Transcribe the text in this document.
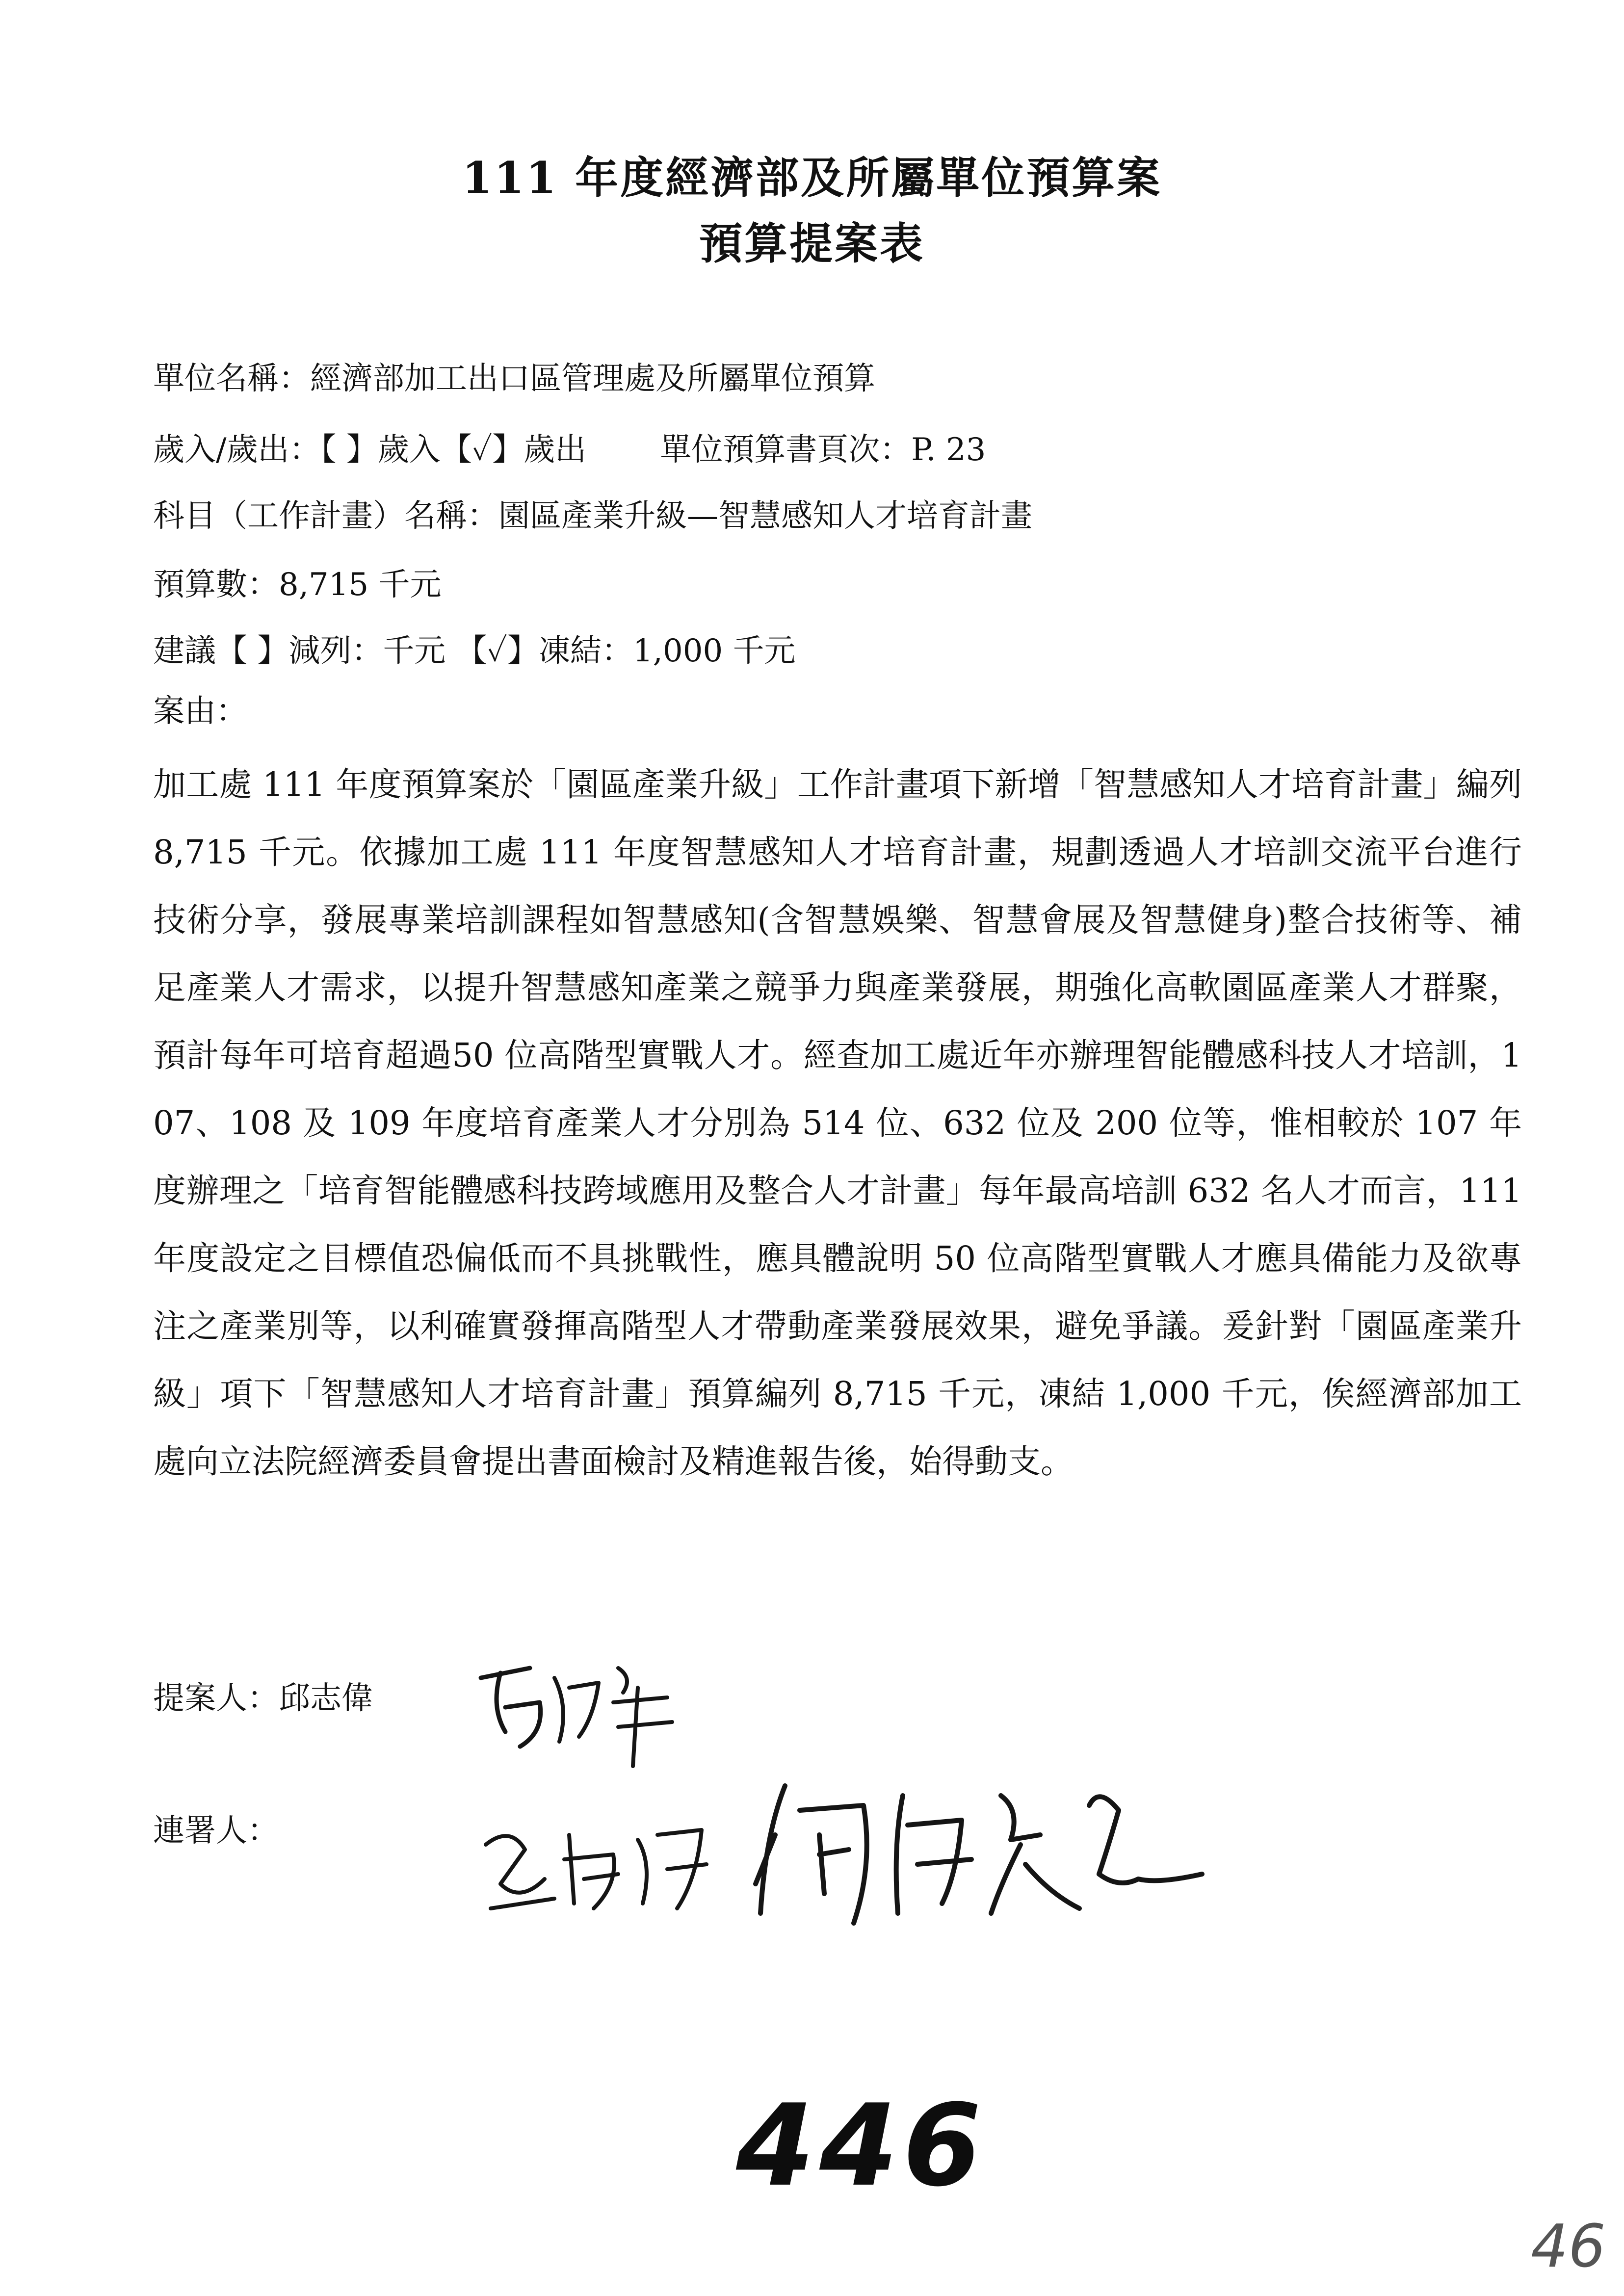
111 年度經濟部及所屬單位預算案
預算提案表
單位名稱：經濟部加工出口區管理處及所屬單位預算
歲入/歲出：【 】歲入【✓】歲出 單位預算書頁次：P. 23
科目（工作計畫）名稱：園區產業升級—智慧感知人才培育計畫
預算數：8,715 千元
建議【 】減列：千元 【✓】凍結：1,000 千元
案由：
加工處 111 年度預算案於「園區產業升級」工作計畫項下新增「智慧感知人才培育計畫」編列 8,715 千元。依據加工處 111 年度智慧感知人才培育計畫，規劃透過人才培訓交流平台進行技術分享，發展專業培訓課程如智慧感知(含智慧娛樂、智慧會展及智慧健身)整合技術等、補足產業人才需求，以提升智慧感知產業之競爭力與產業發展，期強化高軟園區產業人才群聚，預計每年可培育超過50 位高階型實戰人才。經查加工處近年亦辦理智能體感科技人才培訓，107、108 及 109 年度培育產業人才分別為 514 位、632 位及 200 位等，惟相較於 107 年度辦理之「培育智能體感科技跨域應用及整合人才計畫」每年最高培訓 632 名人才而言，111 年度設定之目標值恐偏低而不具挑戰性，應具體說明 50 位高階型實戰人才應具備能力及欲專注之產業別等，以利確實發揮高階型人才帶動產業發展效果，避免爭議。爰針對「園區產業升級」項下「智慧感知人才培育計畫」預算編列 8,715 千元，凍結 1,000 千元，俟經濟部加工處向立法院經濟委員會提出書面檢討及精進報告後，始得動支。
提案人：邱志偉
連署人：
446
46
